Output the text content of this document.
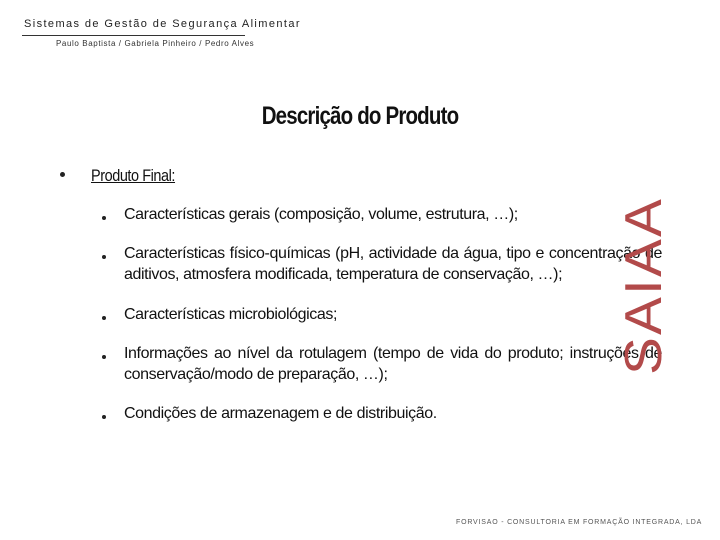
Sistemas de Gestão de Segurança Alimentar
Paulo Baptista / Gabriela Pinheiro / Pedro Alves
Descrição do Produto
Produto Final:
Características gerais (composição, volume, estrutura, …);
Características físico-químicas (pH, actividade da água, tipo e concentração de aditivos, atmosfera modificada, temperatura de conservação, …);
Características microbiológicas;
Informações ao nível da rotulagem (tempo de vida do produto; instruções de conservação/modo de preparação, …);
Condições de armazenagem e de distribuição.
SAIAA
FORVISAO - CONSULTORIA EM FORMAÇÃO INTEGRADA, LDA
